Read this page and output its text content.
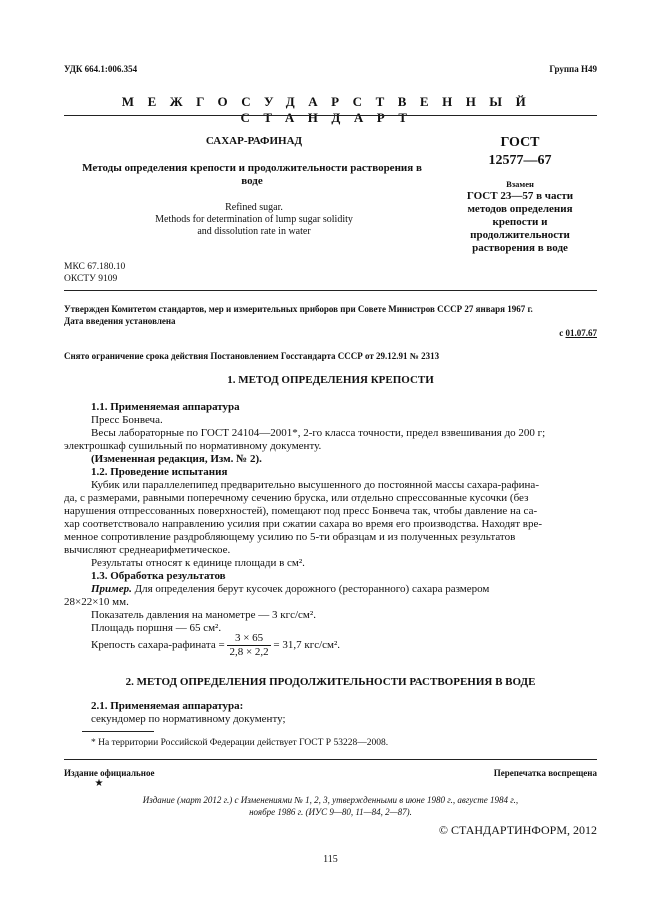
УДК 664.1:006.354	Группа Н49
МЕЖГОСУДАРСТВЕННЫЙ СТАНДАРТ
САХАР-РАФИНАД
Методы определения крепости и продолжительности растворения в воде
Refined sugar.
Methods for determination of lump sugar solidity
and dissolution rate in water
МКС 67.180.10
ОКСТУ 9109
ГОСТ
12577—67
Взамен
ГОСТ 23—57 в части методов определения крепости и продолжительности растворения в воде
Утвержден Комитетом стандартов, мер и измерительных приборов при Совете Министров СССР 27 января 1967 г.
Дата введения установлена
с 01.07.67
Снято ограничение срока действия Постановлением Госстандарта СССР от 29.12.91 № 2313
1. МЕТОД ОПРЕДЕЛЕНИЯ КРЕПОСТИ
1.1. Применяемая аппаратура
Пресс Бонвеча.
Весы лабораторные по ГОСТ 24104—2001*, 2-го класса точности, предел взвешивания до 200 г;
электрошкаф сушильный по нормативному документу.
(Измененная редакция, Изм. № 2).
1.2. Проведение испытания
Кубик или параллелепипед предварительно высушенного до постоянной массы сахара-рафина-
да, с размерами, равными поперечному сечению бруска, или отдельно спрессованные кусочки (без
нарушения отпрессованных поверхностей), помещают под пресс Бонвеча так, чтобы давление на са-
хар соответствовало направлению усилия при сжатии сахара во время его производства. Находят вре-
менное сопротивление раздробляющему усилию по 5-ти образцам и из полученных результатов
вычисляют среднеарифметическое.
Результаты относят к единице площади в см².
1.3. Обработка результатов
Пример. Для определения берут кусочек дорожного (ресторанного) сахара размером
28×22×10 мм.
Показатель давления на манометре — 3 кгс/см².
Площадь поршня — 65 см².
Крепость сахара-рафината = $\frac{3 \times 65}{2,8 \times 2,2} = 31,7$ кгс/см².
2. МЕТОД ОПРЕДЕЛЕНИЯ ПРОДОЛЖИТЕЛЬНОСТИ РАСТВОРЕНИЯ В ВОДЕ
2.1. Применяемая аппаратура:
секундомер по нормативному документу;
* На территории Российской Федерации действует ГОСТ Р 53228—2008.
Издание официальное	Перепечатка воспрещена
★
Издание (март 2012 г.) с Изменениями № 1, 2, 3, утвержденными в июне 1980 г., августе 1984 г.,
ноябре 1986 г. (ИУС 9—80, 11—84, 2—87).
© СТАНДАРТИНФОРМ, 2012
115
